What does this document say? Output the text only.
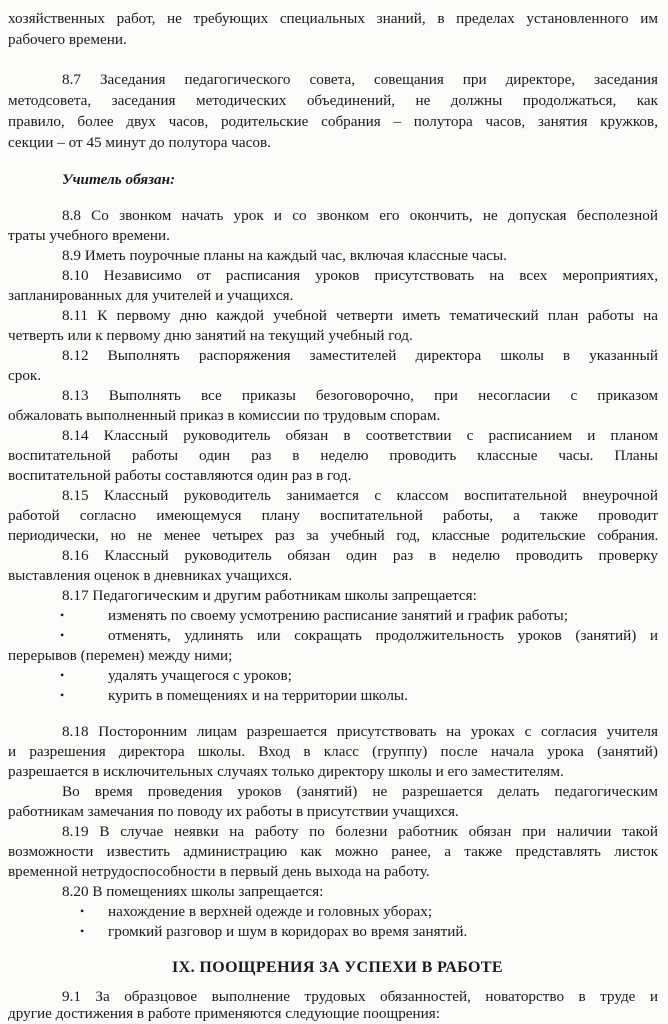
хозяйственных работ, не требующих специальных знаний, в пределах установленного им

рабочего времени.

8.7 Заседания педагогического совета, совещания при директоре, заседания

методсовета, заседания методических объединений, не должны продолжаться, как

правило, более двух часов, родительские собрания – полутора часов, занятия кружков,

секции – от 45 минут до полутора часов.

Учитель обязан:

8.8 Со звонком начать урок и со звонком его окончить, не допуская бесполезной

траты учебного времени.

8.9 Иметь поурочные планы на каждый час, включая классные часы.

8.10 Независимо от расписания уроков присутствовать на всех мероприятиях,

запланированных для учителей и учащихся.

8.11 К первому дню каждой учебной четверти иметь тематический план работы на

четверть или к первому дню занятий на текущий учебный год.

8.12 Выполнять распоряжения заместителей директора школы в указанный

срок.

8.13 Выполнять все приказы безоговорочно, при несогласии с приказом

обжаловать выполненный приказ в комиссии по трудовым спорам.

8.14 Классный руководитель обязан в соответствии с расписанием и планом

воспитательной работы один раз в неделю проводить классные часы. Планы

воспитательной работы составляются один раз в год.

8.15 Классный руководитель занимается с классом воспитательной внеурочной

работой согласно имеющемуся плану воспитательной работы, а также проводит

периодически, но не менее четырех раз за учебный год, классные родительские собрания.

8.16 Классный руководитель обязан один раз в неделю проводить проверку

выставления оценок в дневниках учащихся.

8.17 Педагогическим и другим работникам школы запрещается:

•	изменять по своему усмотрению расписание занятий и график работы;

•	отменять, удлинять или сокращать продолжительность уроков (занятий) и

перерывов (перемен) между ними;

•	удалять учащегося с уроков;

•	курить в помещениях и на территории школы.

8.18 Посторонним лицам разрешается присутствовать на уроках с согласия учителя

и разрешения директора школы. Вход в класс (группу) после начала урока (занятий)

разрешается в исключительных случаях только директору школы и его заместителям.

Во время проведения уроков (занятий) не разрешается делать педагогическим

работникам замечания по поводу их работы в присутствии учащихся.

8.19 В случае неявки на работу по болезни работник обязан при наличии такой

возможности известить администрацию как можно ранее, а также представлять листок

временной нетрудоспособности в первый день выхода на работу.

8.20 В помещениях школы запрещается:

• нахождение в верхней одежде и головных уборах;

• громкий разговор и шум в коридорах во время занятий.

IX. ПООЩРЕНИЯ ЗА УСПЕХИ В РАБОТЕ

9.1 За образцовое выполнение трудовых обязанностей, новаторство в труде и

другие достижения в работе применяются следующие поощрения:
